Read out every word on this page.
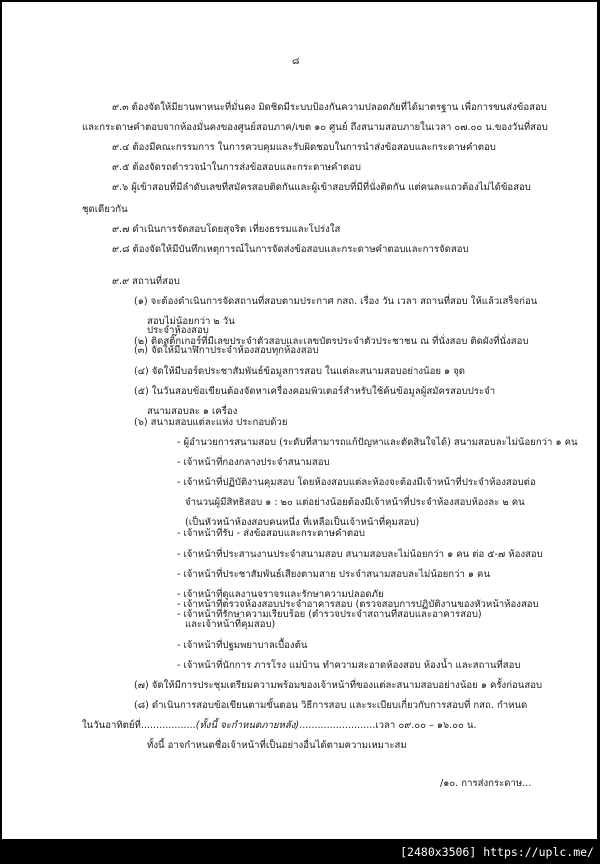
๘
๙.๓ ต้องจัดให้มียานพาหนะที่มั่นคง มิดชิดมีระบบป้องกันความปลอดภัยที่ได้มาตรฐาน เพื่อการขนส่งข้อสอบ
และกระดาษคำตอบจากห้องมั่นคงของศูนย์สอบภาค/เขต ๑๐ ศูนย์ ถึงสนามสอบภายในเวลา ๐๗.๐๐ น.ของวันที่สอบ
๙.๔ ต้องมีคณะกรรมการ ในการควบคุมและรับผิดชอบในการนำส่งข้อสอบและกระดาษคำตอบ
๙.๕ ต้องจัดรถตำรวจนำในการส่งข้อสอบและกระดาษคำตอบ
๙.๖ ผู้เข้าสอบที่มีลำดับเลขที่สมัครสอบติดกันและผู้เข้าสอบที่มีที่นั่งติดกัน แต่คนละแถวต้องไม่ได้ข้อสอบ
ชุดเดียวกัน
๙.๗ ดำเนินการจัดสอบโดยสุจริต เที่ยงธรรมและโปร่งใส
๙.๘ ต้องจัดให้มีบันทึกเหตุการณ์ในการจัดส่งข้อสอบและกระดาษคำตอบและการจัดสอบ
๙.๙ สถานที่สอบ
(๑) จะต้องดำเนินการจัดสถานที่สอบตามประกาศ กสถ. เรื่อง วัน เวลา สถานที่สอบ ให้แล้วเสร็จก่อน
สอบไม่น้อยกว่า ๒ วัน
(๒) ติดสติ๊กเกอร์ที่มีเลขประจำตัวสอบและเลขบัตรประจำตัวประชาชน ณ ที่นั่งสอบ ติดผังที่นั่งสอบ
ประจำห้องสอบ
(๓) จัดให้มีนาฬิกาประจำห้องสอบทุกห้องสอบ
(๔) จัดให้มีบอร์ดประชาสัมพันธ์ข้อมูลการสอบ ในแต่ละสนามสอบอย่างน้อย ๑ จุด
(๕) ในวันสอบข้อเขียนต้องจัดหาเครื่องคอมพิวเตอร์สำหรับใช้ค้นข้อมูลผู้สมัครสอบประจำ
สนามสอบละ ๑ เครื่อง
(๖) สนามสอบแต่ละแห่ง ประกอบด้วย
- ผู้อำนวยการสนามสอบ (ระดับที่สามารถแก้ปัญหาและตัดสินใจได้) สนามสอบละไม่น้อยกว่า ๑ คน
- เจ้าหน้าที่กองกลางประจำสนามสอบ
- เจ้าหน้าที่ปฏิบัติงานคุมสอบ โดยห้องสอบแต่ละห้องจะต้องมีเจ้าหน้าที่ประจำห้องสอบต่อ
จำนวนผู้มีสิทธิสอบ ๑ : ๒๐ แต่อย่างน้อยต้องมีเจ้าหน้าที่ประจำห้องสอบห้องละ ๒ คน
(เป็นหัวหน้าห้องสอบคนหนึ่ง ที่เหลือเป็นเจ้าหน้าที่คุมสอบ)
- เจ้าหน้าที่รับ - ส่งข้อสอบและกระดาษคำตอบ
- เจ้าหน้าที่ประสานงานประจำสนามสอบ สนามสอบละไม่น้อยกว่า ๑ คน ต่อ ๕-๗ ห้องสอบ
- เจ้าหน้าที่ประชาสัมพันธ์เสียงตามสาย ประจำสนามสอบละไม่น้อยกว่า ๑ คน
- เจ้าหน้าที่ดูแลงานจราจรและรักษาความปลอดภัย
- เจ้าหน้าที่รักษาความเรียบร้อย (ตำรวจประจำสถานที่สอบและอาคารสอบ)
- เจ้าหน้าที่ตรวจห้องสอบประจำอาคารสอบ (ตรวจสอบการปฏิบัติงานของหัวหน้าห้องสอบ
และเจ้าหน้าที่คุมสอบ)
- เจ้าหน้าที่ปฐมพยาบาลเบื้องต้น
- เจ้าหน้าที่นักการ ภารโรง แม่บ้าน ทำความสะอาดห้องสอบ ห้องน้ำ และสถานที่สอบ
(๗) จัดให้มีการประชุมเตรียมความพร้อมของเจ้าหน้าที่ของแต่ละสนามสอบอย่างน้อย ๑ ครั้งก่อนสอบ
(๘) ดำเนินการสอบข้อเขียนตามขั้นตอน วิธีการสอบ และระเบียบเกี่ยวกับการสอบที่ กสถ. กำหนด
ในวันอาทิตย์ที่..................(ทั้งนี้ จะกำหนดภายหลัง).........................เวลา ๐๙.๐๐ – ๑๖.๐๐ น.
ทั้งนี้ อาจกำหนดชื่อเจ้าหน้าที่เป็นอย่างอื่นได้ตามความเหมาะสม
/๑๐. การส่งกระดาษ...
[2480x3506] https://uplc.me/
